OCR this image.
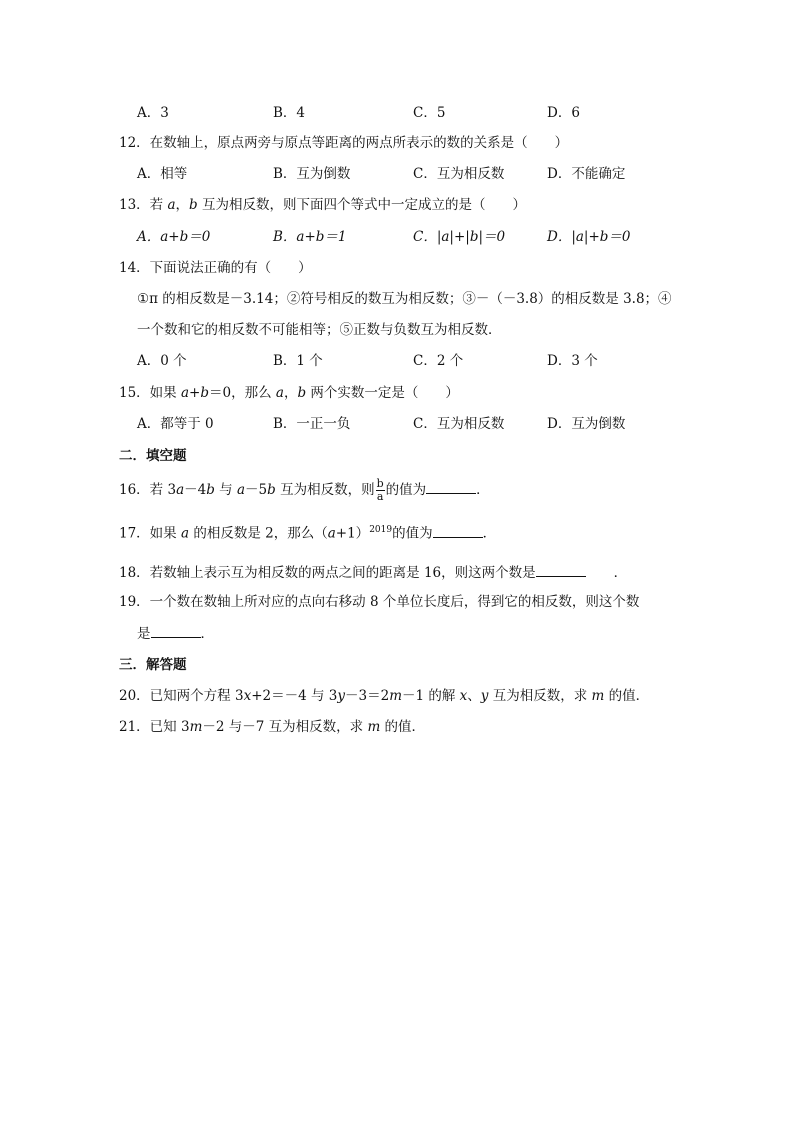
A．3	B．4	C．5	D．6
12．在数轴上，原点两旁与原点等距离的两点所表示的数的关系是（　　）
A．相等	B．互为倒数	C．互为相反数	D．不能确定
13．若 a，b 互为相反数，则下面四个等式中一定成立的是（　　）
A．a+b＝0	B．a+b＝1	C．|a|+|b|＝0	D．|a|+b＝0
14．下面说法正确的有（　　）
①π 的相反数是－3.14；②符号相反的数互为相反数；③－（－3.8）的相反数是 3.8；④
一个数和它的相反数不可能相等；⑤正数与负数互为相反数．
A．0 个	B．1 个	C．2 个	D．3 个
15．如果 a+b＝0，那么 a，b 两个实数一定是（　　）
A．都等于 0	B．一正一负	C．互为相反数	D．互为倒数
二．填空题
16．若 3a－4b 与 a－5b 互为相反数，则 $\frac{b}{a}$ 的值为	．
17．如果 a 的相反数是 2，那么$(a+1)^{2019}$的值为	．
18．若数轴上表示互为相反数的两点之间的距离是 16，则这两个数是	．
19．一个数在数轴上所对应的点向右移动 8 个单位长度后，得到它的相反数，则这个数
是	．
三．解答题
20．已知两个方程 3x+2＝－4 与 3y－3＝2m－1 的解 x、y 互为相反数，求 m 的值．
21．已知 3m－2 与－7 互为相反数，求 m 的值．
